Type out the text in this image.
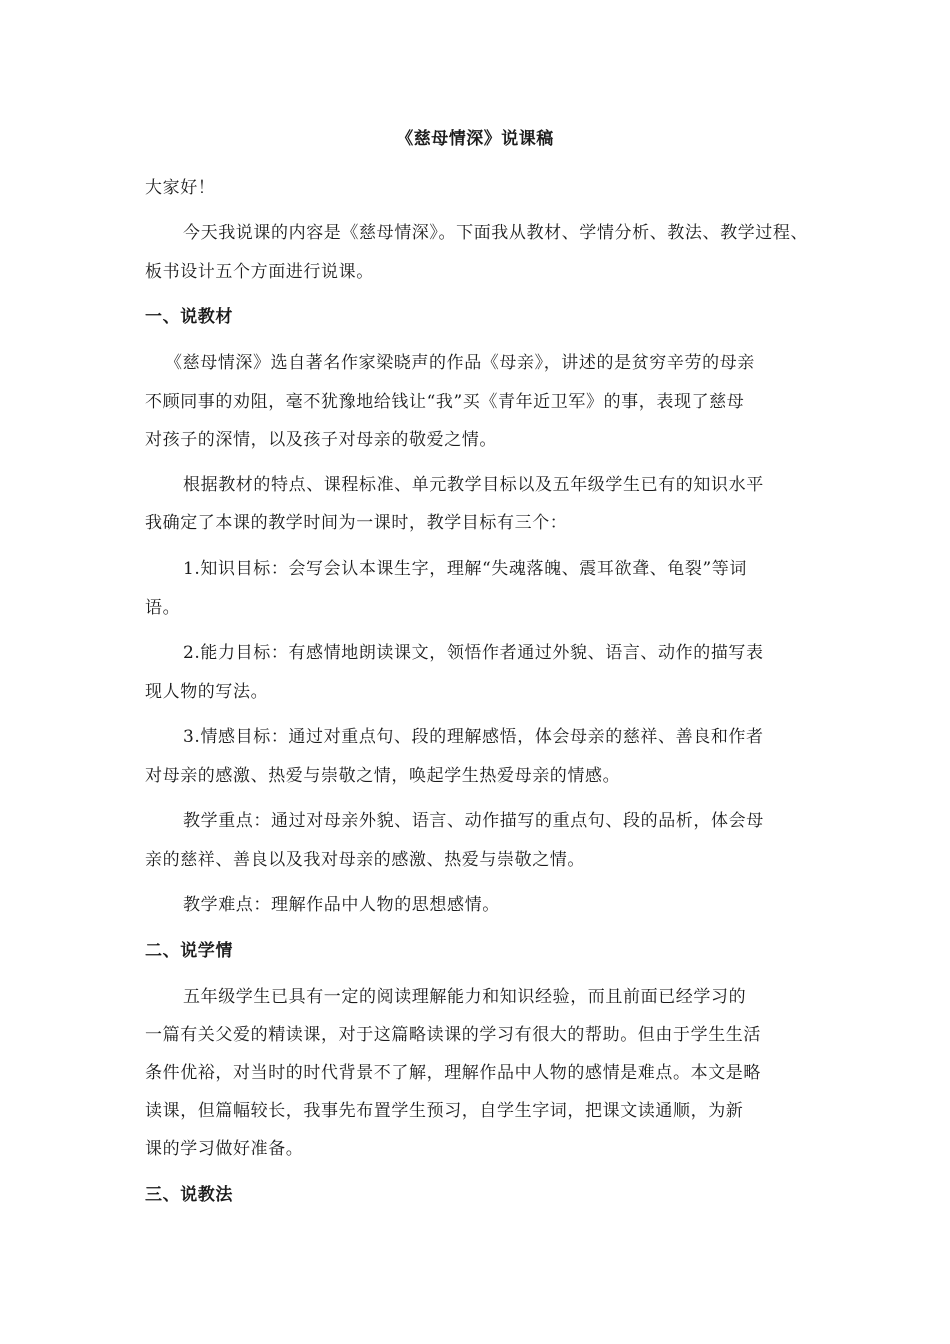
《慈母情深》说课稿
大家好！
今天我说课的内容是《慈母情深》。下面我从教材、学情分析、教法、教学过程、
板书设计五个方面进行说课。
一、说教材
《慈母情深》选自著名作家梁晓声的作品《母亲》，讲述的是贫穷辛劳的母亲
不顾同事的劝阻，毫不犹豫地给钱让“我”买《青年近卫军》的事，表现了慈母
对孩子的深情，以及孩子对母亲的敬爱之情。
根据教材的特点、课程标准、单元教学目标以及五年级学生已有的知识水平
我确定了本课的教学时间为一课时，教学目标有三个：
1.知识目标：会写会认本课生字，理解“失魂落魄、震耳欲聋、龟裂”等词
语。
2.能力目标：有感情地朗读课文，领悟作者通过外貌、语言、动作的描写表
现人物的写法。
3.情感目标：通过对重点句、段的理解感悟，体会母亲的慈祥、善良和作者
对母亲的感激、热爱与崇敬之情，唤起学生热爱母亲的情感。
教学重点：通过对母亲外貌、语言、动作描写的重点句、段的品析，体会母
亲的慈祥、善良以及我对母亲的感激、热爱与崇敬之情。
教学难点：理解作品中人物的思想感情。
二、说学情
五年级学生已具有一定的阅读理解能力和知识经验，而且前面已经学习的
一篇有关父爱的精读课，对于这篇略读课的学习有很大的帮助。但由于学生生活
条件优裕，对当时的时代背景不了解，理解作品中人物的感情是难点。本文是略
读课，但篇幅较长，我事先布置学生预习，自学生字词，把课文读通顺，为新
课的学习做好准备。
三、说教法
